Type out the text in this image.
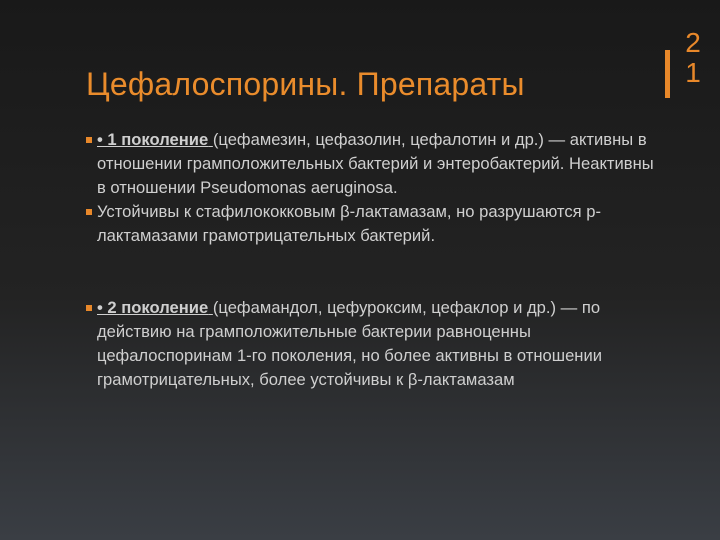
Цефалоспорины. Препараты
2
1

• 1 поколение (цефамезин, цефазолин, цефалотин и др.) — активны в отношении грамположительных бактерий и энтеробактерий. Неактивны в отношении Pseudomonas aeruginosa.

Устойчивы к стафилококковым β-лактамазам, но разрушаются р-лактамазами грамотрицательных бактерий.

• 2 поколение (цефамандол, цефуроксим, цефаклор и др.) — по действию на грамположительные бактерии равноценны цефалоспоринам 1-го поколения, но более активны в отношении грамотрицательных, более устойчивы к β-лактамазам
